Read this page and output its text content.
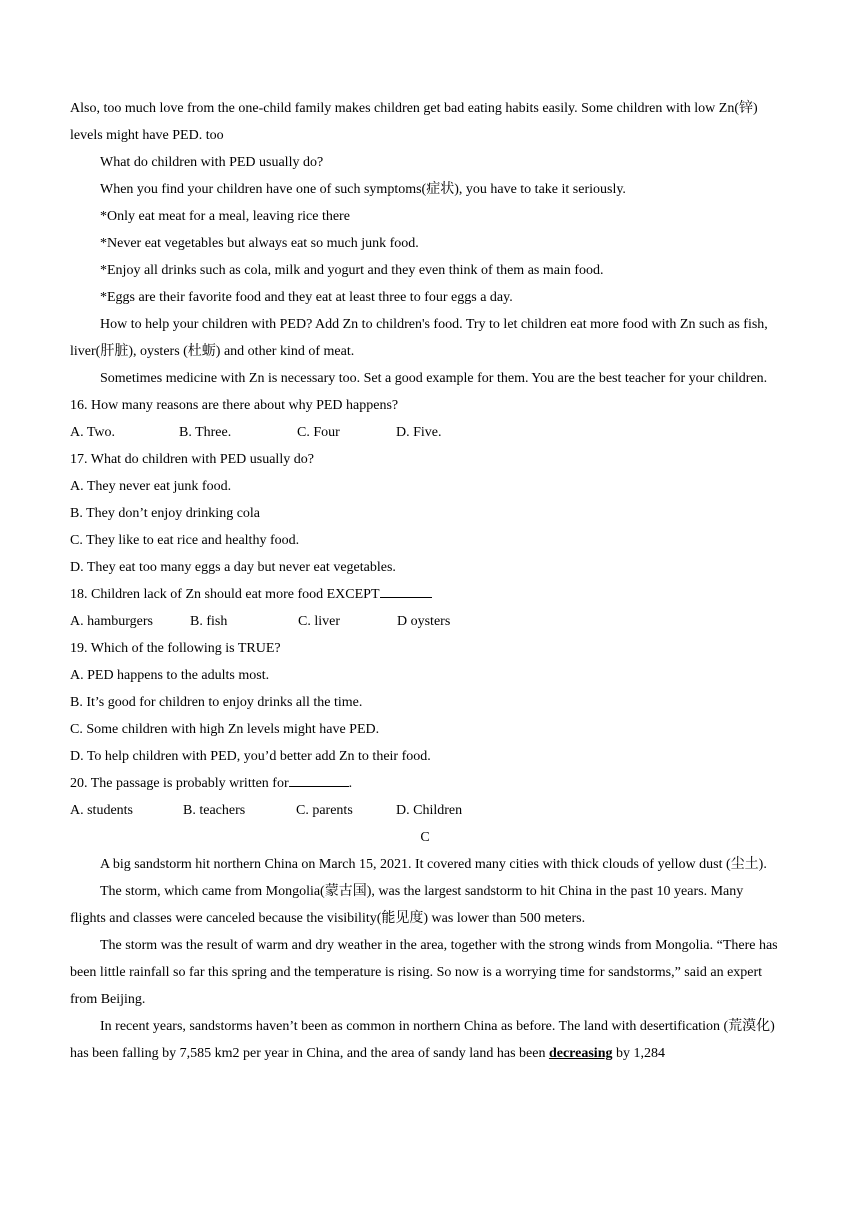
Also, too much love from the one-child family makes children get bad eating habits easily. Some children with low Zn(锌) levels might have PED. too

What do children with PED usually do?

When you find your children have one of such symptoms(症状), you have to take it seriously.

*Only eat meat for a meal, leaving rice there

*Never eat vegetables but always eat so much junk food.

*Enjoy all drinks such as cola, milk and yogurt and they even think of them as main food.

*Eggs are their favorite food and they eat at least three to four eggs a day.

How to help your children with PED? Add Zn to children's food. Try to let children eat more food with Zn such as fish, liver(肝脏), oysters (杜蛎) and other kind of meat.

Sometimes medicine with Zn is necessary too. Set a good example for them. You are the best teacher for your children.

16. How many reasons are there about why PED happens?

A. Two.	B. Three.	C. Four	D. Five.

17. What do children with PED usually do?

A. They never eat junk food.

B. They don’t enjoy drinking cola

C. They like to eat rice and healthy food.

D. They eat too many eggs a day but never eat vegetables.

18. Children lack of Zn should eat more food EXCEPT

A. hamburgers	B. fish	C. liver	D oysters

19. Which of the following is TRUE?

A. PED happens to the adults most.

B. It’s good for children to enjoy drinks all the time.

C. Some children with high Zn levels might have PED.

D. To help children with PED, you’d better add Zn to their food.

20. The passage is probably written for	.

A. students	B. teachers	C. parents	D. Children

C

A big sandstorm hit northern China on March 15, 2021. It covered many cities with thick clouds of yellow dust (尘土).

The storm, which came from Mongolia(蒙古国), was the largest sandstorm to hit China in the past 10 years. Many flights and classes were canceled because the visibility(能见度) was lower than 500 meters.

The storm was the result of warm and dry weather in the area, together with the strong winds from Mongolia. “There has been little rainfall so far this spring and the temperature is rising. So now is a worrying time for sandstorms,” said an expert from Beijing.

In recent years, sandstorms haven’t been as common in northern China as before. The land with desertification (荒漠化) has been falling by 7,585 km2 per year in China, and the area of sandy land has been decreasing by 1,284
